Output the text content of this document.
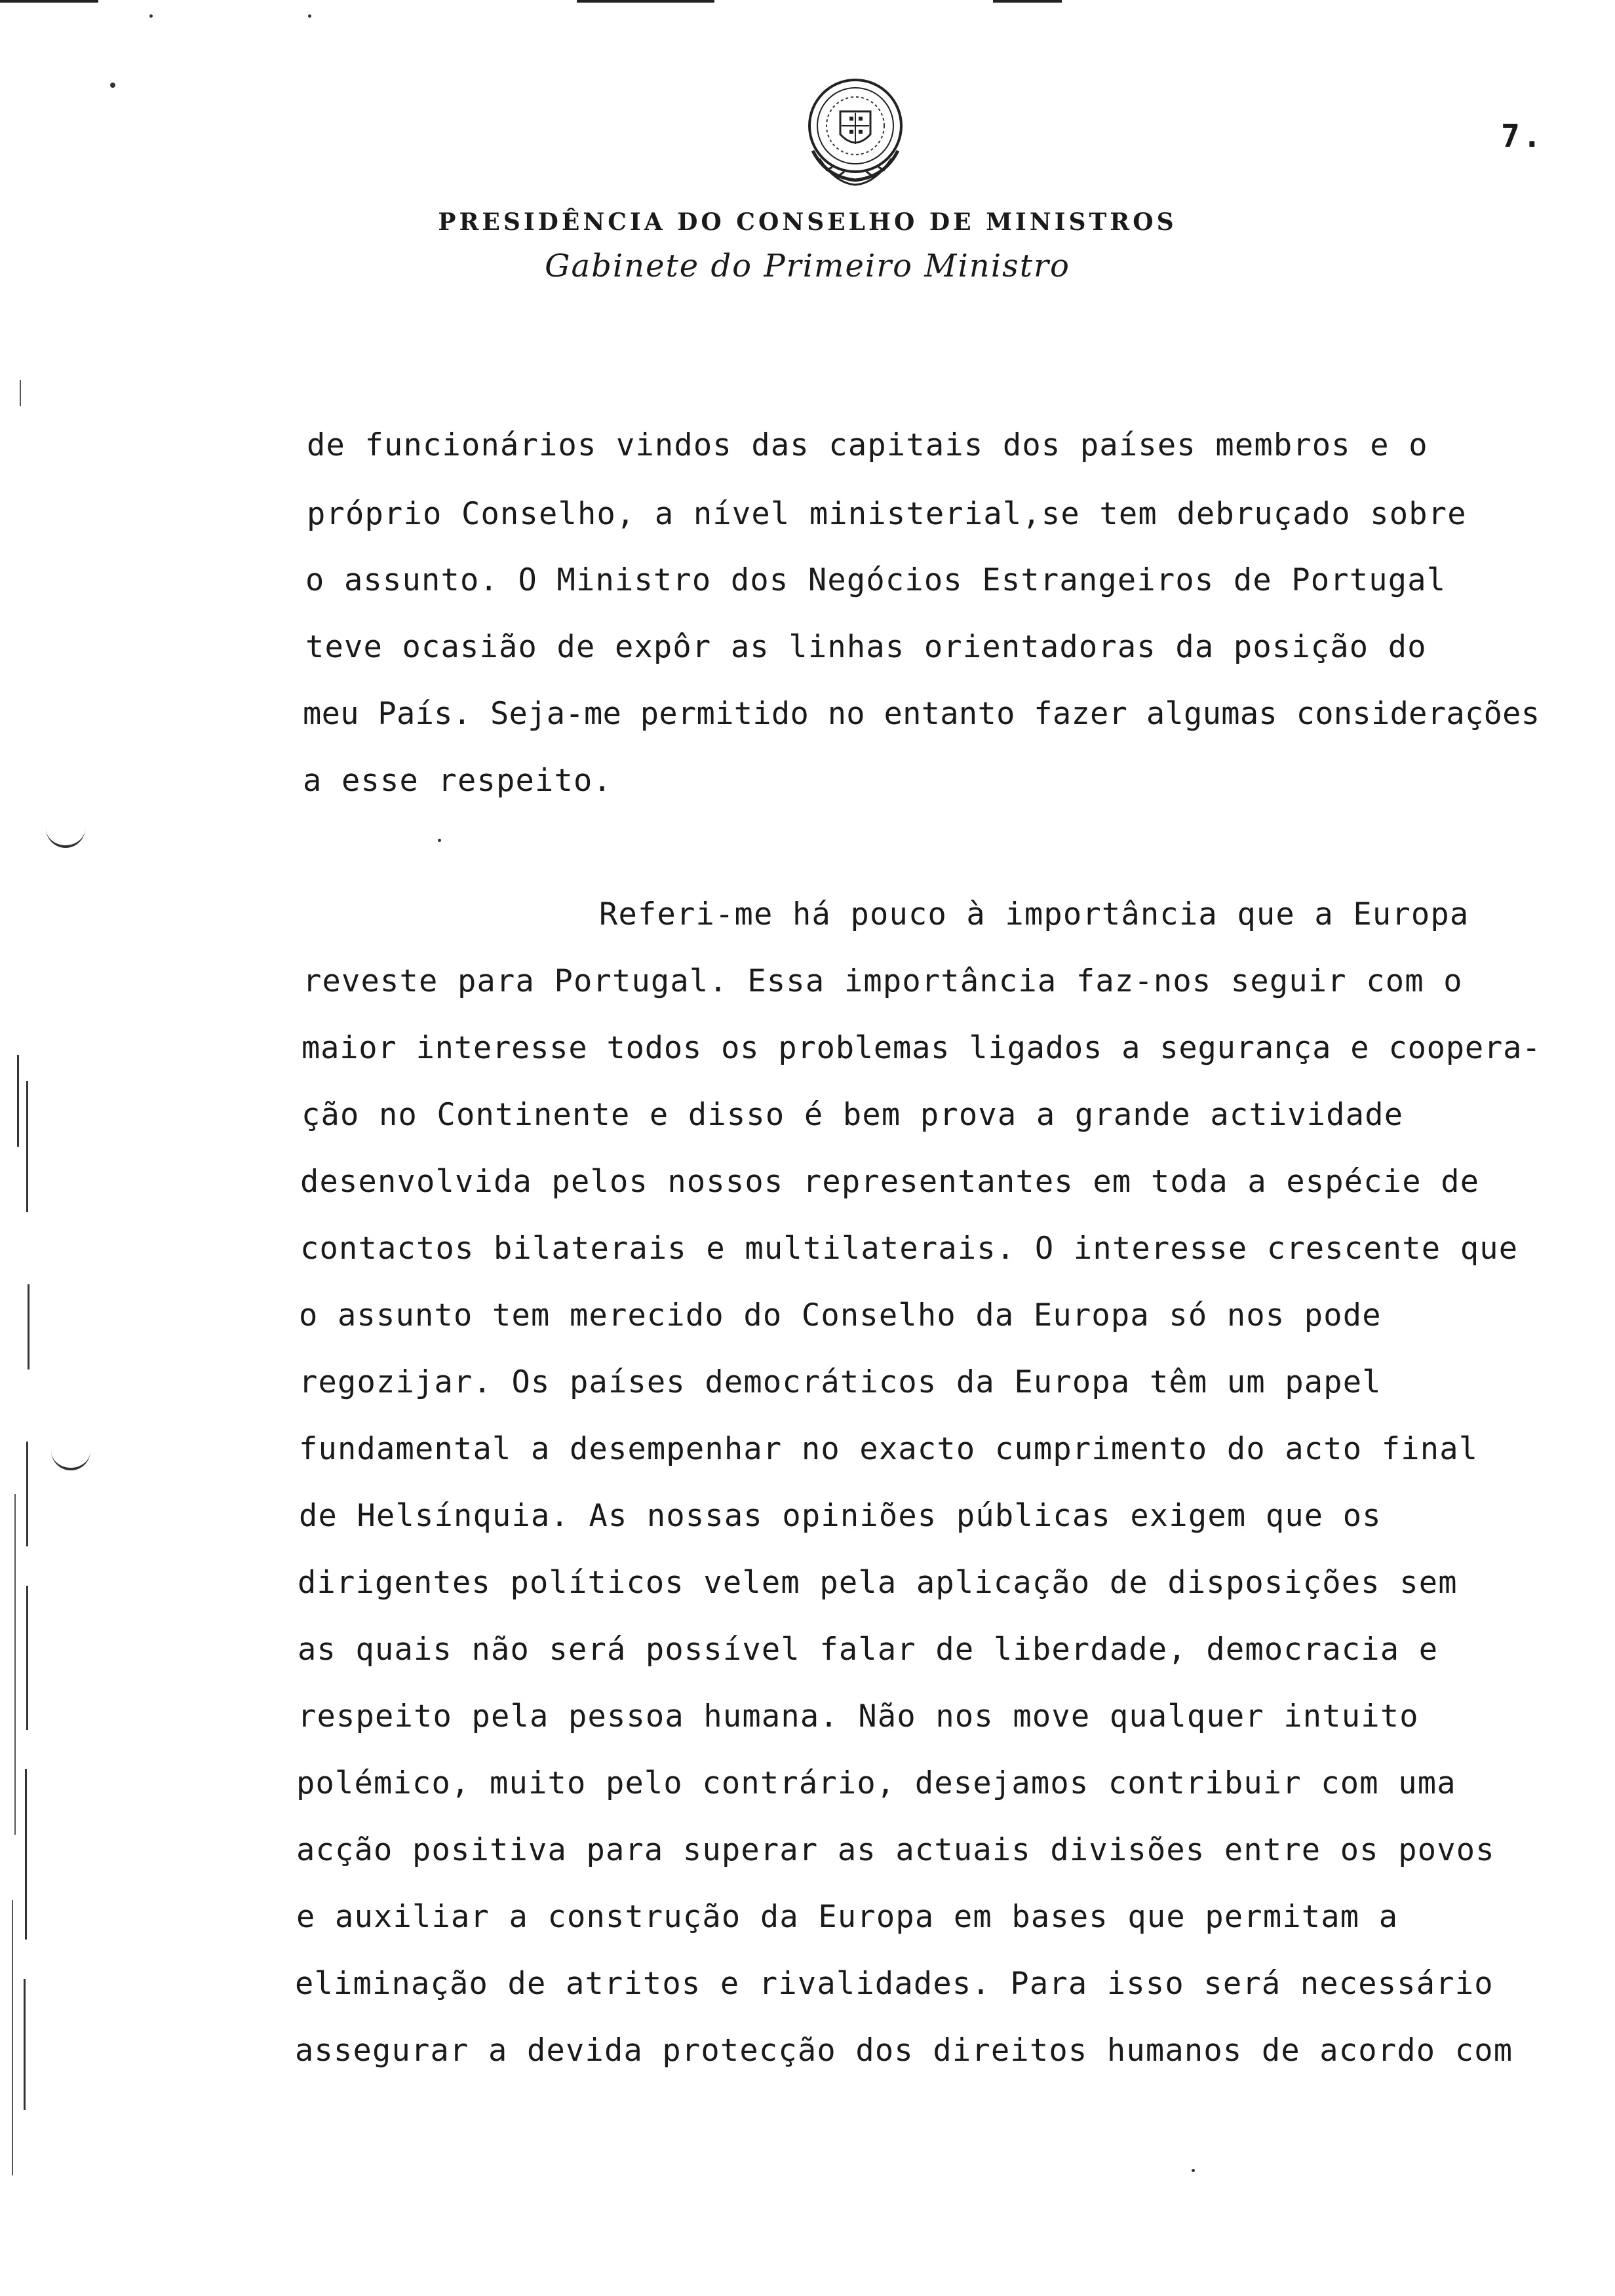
7.
PRESIDÊNCIA DO CONSELHO DE MINISTROS
Gabinete do Primeiro Ministro
de funcionários vindos das capitais dos países membros e o
próprio Conselho, a nível ministerial,se tem debruçado sobre
o assunto. O Ministro dos Negócios Estrangeiros de Portugal
teve ocasião de expôr as linhas orientadoras da posição do
meu País. Seja-me permitido no entanto fazer algumas considerações
a esse respeito.
Referi-me há pouco à importância que a Europa
reveste para Portugal. Essa importância faz-nos seguir com o
maior interesse todos os problemas ligados a segurança e coopera-
ção no Continente e disso é bem prova a grande actividade
desenvolvida pelos nossos representantes em toda a espécie de
contactos bilaterais e multilaterais. O interesse crescente que
o assunto tem merecido do Conselho da Europa só nos pode
regozijar. Os países democráticos da Europa têm um papel
fundamental a desempenhar no exacto cumprimento do acto final
de Helsínquia. As nossas opiniões públicas exigem que os
dirigentes políticos velem pela aplicação de disposições sem
as quais não será possível falar de liberdade, democracia e
respeito pela pessoa humana. Não nos move qualquer intuito
polémico, muito pelo contrário, desejamos contribuir com uma
acção positiva para superar as actuais divisões entre os povos
e auxiliar a construção da Europa em bases que permitam a
eliminação de atritos e rivalidades. Para isso será necessário
assegurar a devida protecção dos direitos humanos de acordo com
